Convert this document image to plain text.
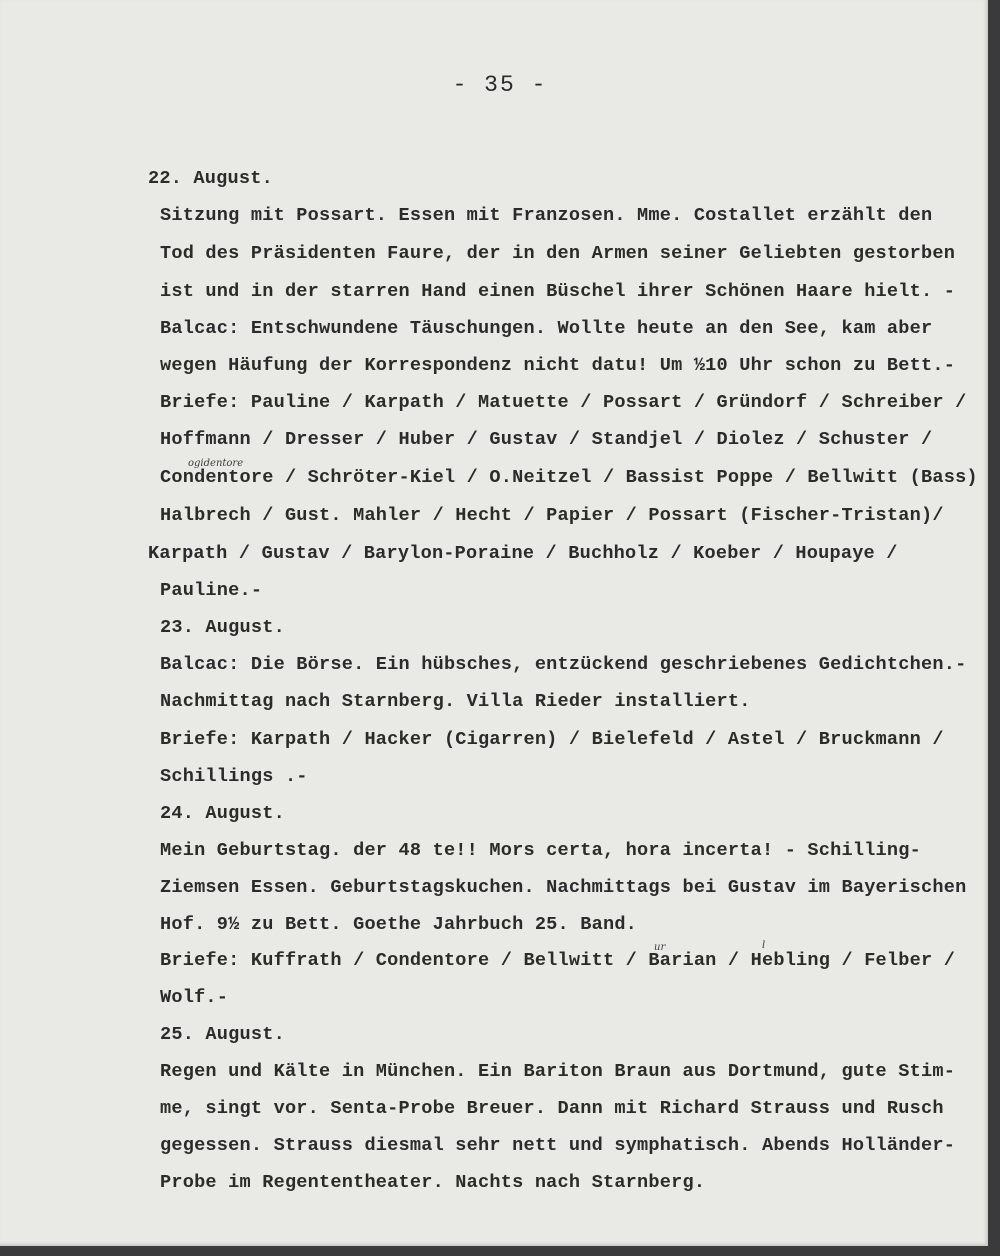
- 35 -
22. August.
Sitzung mit Possart. Essen mit Franzosen. Mme. Costallet erzählt den
Tod des Präsidenten Faure, der in den Armen seiner Geliebten gestorben
ist und in der starren Hand einen Büschel ihrer Schönen Haare hielt. -
Balcac: Entschwundene Täuschungen. Wollte heute an den See, kam aber
wegen Häufung der Korrespondenz nicht datu! Um ½10 Uhr schon zu Bett.-
Briefe: Pauline / Karpath / Matuette / Possart / Gründorf / Schreiber /
Hoffmann / Dresser / Huber / Gustav / Standjel / Diolez / Schuster /
Condentore / Schröter-Kiel / O.Neitzel / Bassist Poppe / Bellwitt (Bass)
Halbrech / Gust. Mahler / Hecht / Papier / Possart (Fischer-Tristan)/
Karpath / Gustav / Barylon-Poraine / Buchholz / Koeber / Houpaye /
Pauline.-
23. August.
Balcac: Die Börse. Ein hübsches, entzückend geschriebenes Gedichtchen.-
Nachmittag nach Starnberg. Villa Rieder installiert.
Briefe: Karpath / Hacker (Cigarren) / Bielefeld / Astel / Bruckmann /
Schillings .-
24. August.
Mein Geburtstag. der 48 te!! Mors certa, hora incerta! - Schilling-
Ziemsen Essen. Geburtstagskuchen. Nachmittags bei Gustav im Bayerischen
Hof. 9½ zu Bett. Goethe Jahrbuch 25. Band.
Briefe: Kuffrath / Condentore / Bellwitt / Barian / Hebling / Felber /
Wolf.-
25. August.
Regen und Kälte in München. Ein Bariton Braun aus Dortmund, gute Stim-
me, singt vor. Senta-Probe Breuer. Dann mit Richard Strauss und Rusch
gegessen. Strauss diesmal sehr nett und symphatisch. Abends Holländer-
Probe im Regententheater. Nachts nach Starnberg.
ogidentore
ur	l
